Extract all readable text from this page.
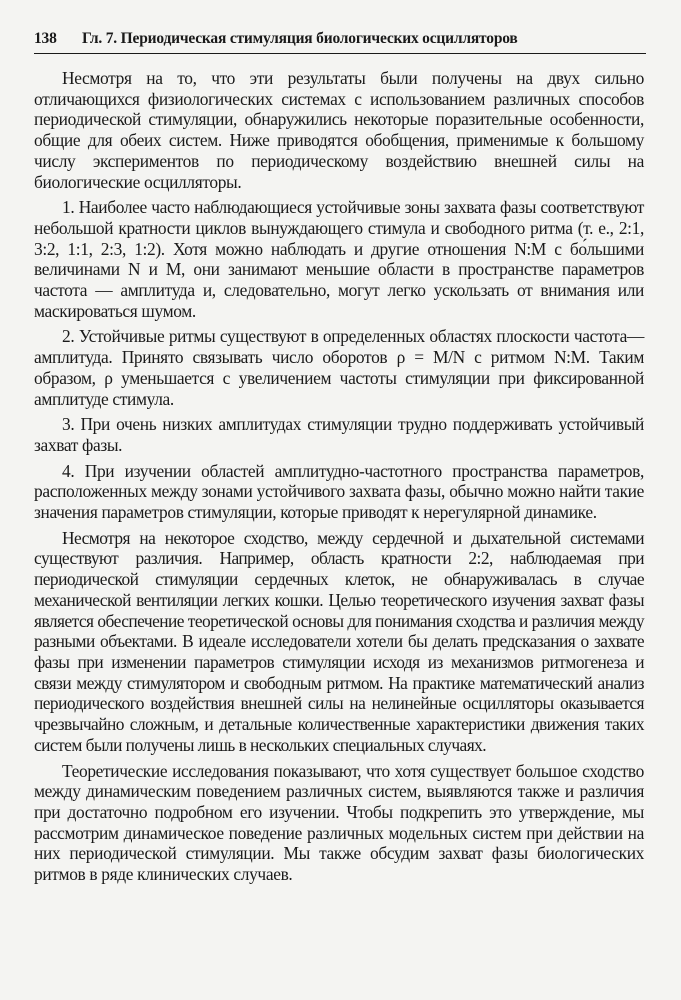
138 Гл. 7. Периодическая стимуляция биологических осцилляторов

Несмотря на то, что эти результаты были получены на двух сильно отличающихся физиологических системах с использованием различных способов периодической стимуляции, обнаружились некоторые поразительные особенности, общие для обеих систем. Ниже приводятся обобщения, применимые к большому числу экспериментов по периодическому воздействию внешней силы на биологические осцилляторы.

1. Наиболее часто наблюдающиеся устойчивые зоны захвата фазы соответствуют небольшой кратности циклов вынуждающего стимула и свободного ритма (т. е., 2:1, 3:2, 1:1, 2:3, 1:2). Хотя можно наблюдать и другие отношения N:M с бо́льшими величинами N и M, они занимают меньшие области в пространстве параметров частота — амплитуда и, следовательно, могут легко ускользать от внимания или маскироваться шумом.

2. Устойчивые ритмы существуют в определенных областях плоскости частота—амплитуда. Принято связывать число оборотов ρ = M/N с ритмом N:M. Таким образом, ρ уменьшается с увеличением частоты стимуляции при фиксированной амплитуде стимула.

3. При очень низких амплитудах стимуляции трудно поддерживать устойчивый захват фазы.

4. При изучении областей амплитудно-частотного пространства параметров, расположенных между зонами устойчивого захвата фазы, обычно можно найти такие значения параметров стимуляции, которые приводят к нерегулярной динамике.

Несмотря на некоторое сходство, между сердечной и дыхательной системами существуют различия. Например, область кратности 2:2, наблюдаемая при периодической стимуляции сердечных клеток, не обнаруживалась в случае механической вентиляции легких кошки. Целью теоретического изучения захват фазы является обеспечение теоретической основы для понимания сходства и различия между разными объектами. В идеале исследователи хотели бы делать предсказания о захвате фазы при изменении параметров стимуляции исходя из механизмов ритмогенеза и связи между стимулятором и свободным ритмом. На практике математический анализ периодического воздействия внешней силы на нелинейные осцилляторы оказывается чрезвычайно сложным, и детальные количественные характеристики движения таких систем были получены лишь в нескольких специальных случаях.

Теоретические исследования показывают, что хотя существует большое сходство между динамическим поведением различных систем, выявляются также и различия при достаточно подробном его изучении. Чтобы подкрепить это утверждение, мы рассмотрим динамическое поведение различных модельных систем при действии на них периодической стимуляции. Мы также обсудим захват фазы биологических ритмов в ряде клинических случаев.
